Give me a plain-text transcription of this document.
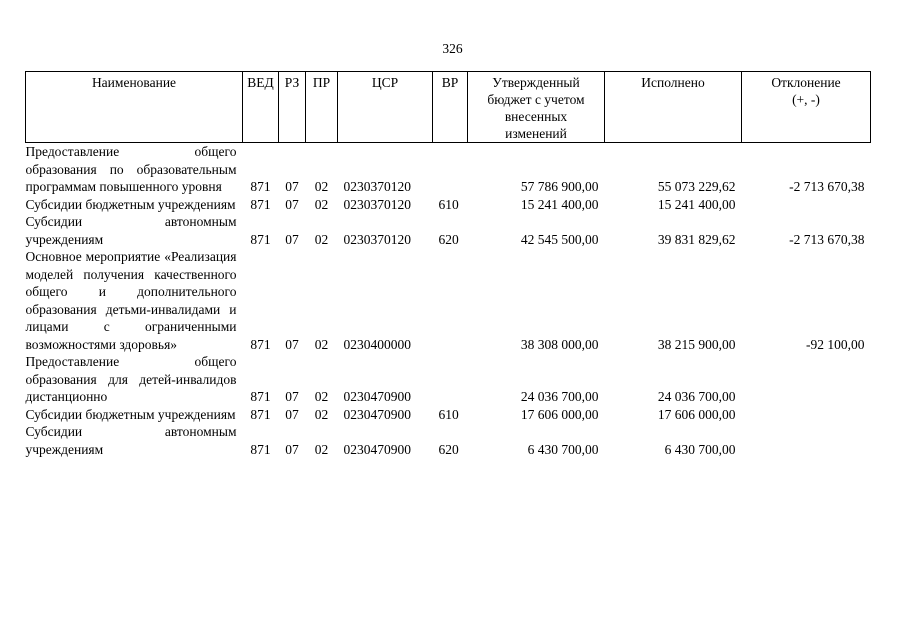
326
Наименование	ВЕД	РЗ	ПР	ЦСР	ВР	Утвержденный бюджет с учетом внесенных изменений	Исполнено	Отклонение (+, -)

Предоставление общего образования по образовательным программам повышенного уровня	871	07	02	0230370120		57 786 900,00	55 073 229,62	-2 713 670,38

Субсидии бюджетным учреждениям	871	07	02	0230370120	610	15 241 400,00	15 241 400,00	

Субсидии автономным учреждениям	871	07	02	0230370120	620	42 545 500,00	39 831 829,62	-2 713 670,38

Основное мероприятие «Реализация моделей получения качественного общего и дополнительного образования детьми-инвалидами и лицами с ограниченными возможностями здоровья»	871	07	02	0230400000		38 308 000,00	38 215 900,00	-92 100,00

Предоставление общего образования для детей-инвалидов дистанционно	871	07	02	0230470900		24 036 700,00	24 036 700,00	

Субсидии бюджетным учреждениям	871	07	02	0230470900	610	17 606 000,00	17 606 000,00	

Субсидии автономным учреждениям	871	07	02	0230470900	620	6 430 700,00	6 430 700,00	
